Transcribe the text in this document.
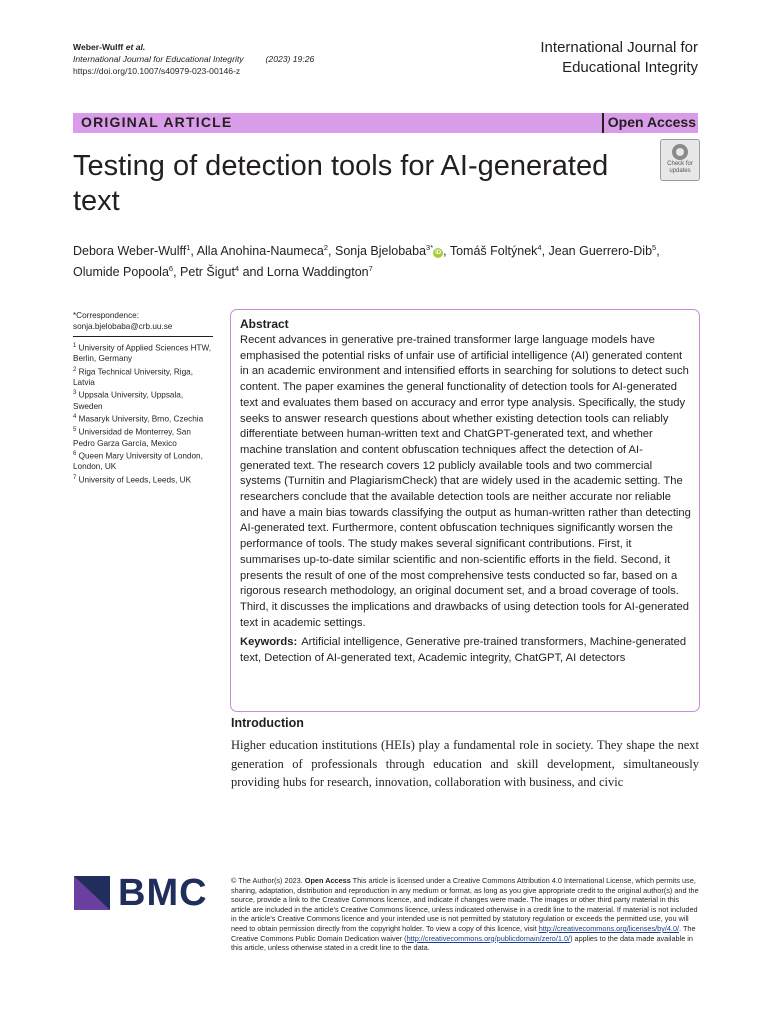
Weber-Wulff et al.
International Journal for Educational Integrity	(2023) 19:26
https://doi.org/10.1007/s40979-023-00146-z
International Journal for
Educational Integrity
ORIGINAL ARTICLE	Open Access
Testing of detection tools for AI-generated text
Check for
updates
Debora Weber-Wulff$^1$, Alla Anohina-Naumeca$^2$, Sonja Bjelobaba$^{3*}$iD , Tomáš Foltýnek$^4$, Jean Guerrero-Dib$^5$,
Olumide Popoola$^6$, Petr Šigut$^4$ and Lorna Waddington$^7$
*Correspondence:
sonja.bjelobaba@crb.uu.se
$^1$ University of Applied Sciences HTW, Berlin, Germany
$^2$ Riga Technical University, Riga, Latvia
$^3$ Uppsala University, Uppsala, Sweden
$^4$ Masaryk University, Brno, Czechia
$^5$ Universidad de Monterrey, San Pedro Garza García, Mexico
$^6$ Queen Mary University of London, London, UK
$^7$ University of Leeds, Leeds, UK
Abstract
Recent advances in generative pre-trained transformer large language models have emphasised the potential risks of unfair use of artificial intelligence (AI) generated content in an academic environment and intensified efforts in searching for solutions to detect such content. The paper examines the general functionality of detection tools for AI-generated text and evaluates them based on accuracy and error type analysis. Specifically, the study seeks to answer research questions about whether existing detection tools can reliably differentiate between human-written text and ChatGPT-generated text, and whether machine translation and content obfuscation techniques affect the detection of AI-generated text. The research covers 12 publicly available tools and two commercial systems (Turnitin and PlagiarismCheck) that are widely used in the academic setting. The researchers conclude that the available detection tools are neither accurate nor reliable and have a main bias towards classifying the output as human-written rather than detecting AI-generated text. Furthermore, content obfuscation techniques significantly worsen the performance of tools. The study makes several significant contributions. First, it summarises up-to-date similar scientific and non-scientific efforts in the field. Second, it presents the result of one of the most comprehensive tests conducted so far, based on a rigorous research methodology, an original document set, and a broad coverage of tools. Third, it discusses the implications and drawbacks of using detection tools for AI-generated text in academic settings.
Keywords: Artificial intelligence, Generative pre-trained transformers, Machine-generated text, Detection of AI-generated text, Academic integrity, ChatGPT, AI detectors
Introduction
Higher education institutions (HEIs) play a fundamental role in society. They shape the next generation of professionals through education and skill development, simultaneously providing hubs for research, innovation, collaboration with business, and civic
BMC	© The Author(s) 2023. Open Access This article is licensed under a Creative Commons Attribution 4.0 International License, which permits use, sharing, adaptation, distribution and reproduction in any medium or format, as long as you give appropriate credit to the original author(s) and the source, provide a link to the Creative Commons licence, and indicate if changes were made. The images or other third party material in this article are included in the article's Creative Commons licence, unless indicated otherwise in a credit line to the material. If material is not included in the article's Creative Commons licence and your intended use is not permitted by statutory regulation or exceeds the permitted use, you will need to obtain permission directly from the copyright holder. To view a copy of this licence, visit http://creativecommons.org/licenses/by/4.0/. The Creative Commons Public Domain Dedication waiver (http://creativecommons.org/publicdomain/zero/1.0/) applies to the data made available in this article, unless otherwise stated in a credit line to the data.
